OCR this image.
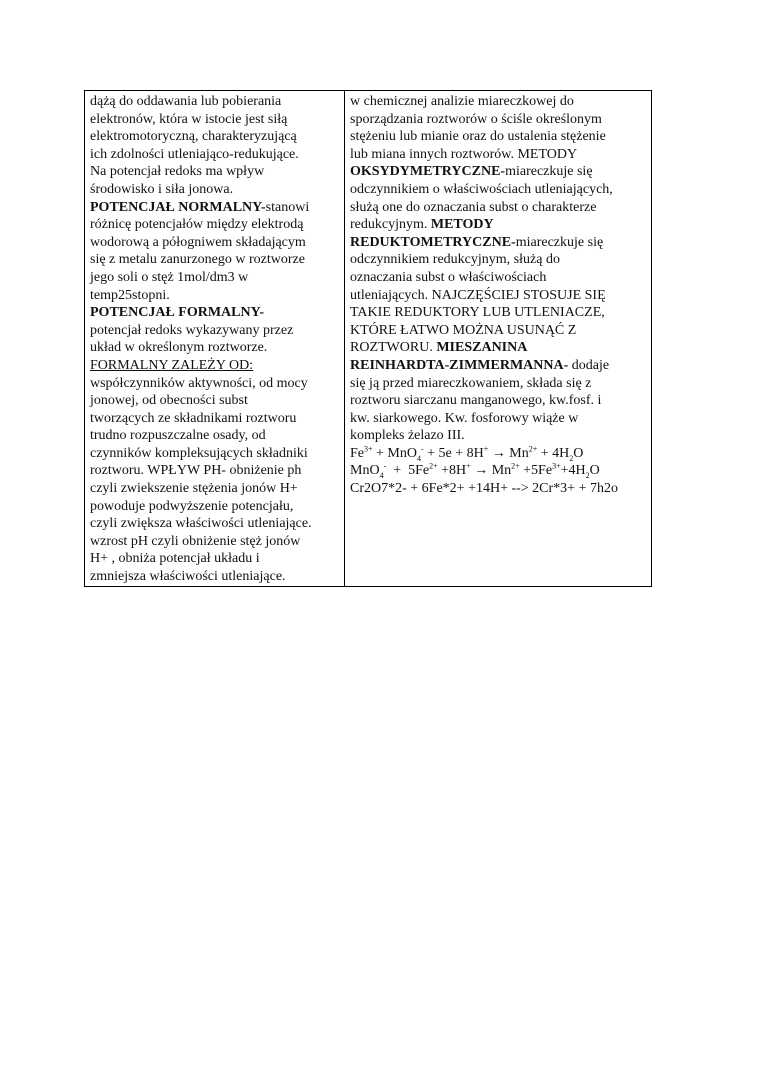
dążą do oddawania lub pobierania
elektronów, która w istocie jest siłą
elektromotoryczną, charakteryzującą
ich zdolności utleniająco-redukujące.
Na potencjał redoks ma wpływ
środowisko i siła jonowa.
POTENCJAŁ NORMALNY-stanowi
różnicę potencjałów między elektrodą
wodorową a półogniwem składającym
się z metalu zanurzonego w roztworze
jego soli o stęż 1mol/dm3 w
temp25stopni.
POTENCJAŁ FORMALNY-
potencjał redoks wykazywany przez
układ w określonym roztworze.
FORMALNY ZALEŻY OD:
współczynników aktywności, od mocy
jonowej, od obecności subst
tworzących ze składnikami roztworu
trudno rozpuszczalne osady, od
czynników kompleksujących składniki
roztworu. WPŁYW PH- obniżenie ph
czyli zwiekszenie stężenia jonów H+
powoduje podwyższenie potencjału,
czyli zwiększa właściwości utleniające.
wzrost pH czyli obniżenie stęż jonów
H+ , obniża potencjał układu i
zmniejsza właściwości utleniające.

w chemicznej analizie miareczkowej do
sporządzania roztworów o ściśle określonym
stężeniu lub mianie oraz do ustalenia stężenie
lub miana innych roztworów. METODY
OKSYDYMETRYCZNE-miareczkuje się
odczynnikiem o właściwościach utleniających,
służą one do oznaczania subst o charakterze
redukcyjnym. METODY
REDUKTOMETRYCZNE-miareczkuje się
odczynnikiem redukcyjnym, służą do
oznaczania subst o właściwościach
utleniających. NAJCZĘŚCIEJ STOSUJE SIĘ
TAKIE REDUKTORY LUB UTLENIACZE,
KTÓRE ŁATWO MOŻNA USUNĄĆ Z
ROZTWORU. MIESZANINA
REINHARDTA-ZIMMERMANNA- dodaje
się ją przed miareczkowaniem, składa się z
roztworu siarczanu manganowego, kw.fosf. i
kw. siarkowego. Kw. fosforowy wiąże w
kompleks żelazo III.
$Fe^{3+} + MnO_4^- + 5e + 8H^+ \to Mn^{2+} + 4H_2O$
$MnO_4^- + 5Fe^{2+} +8H^+ \to Mn^{2+} +5Fe^{3+}+4H_2O$
Cr2O7*2- + 6Fe*2+ +14H+ --> 2Cr*3+ + 7h2o
